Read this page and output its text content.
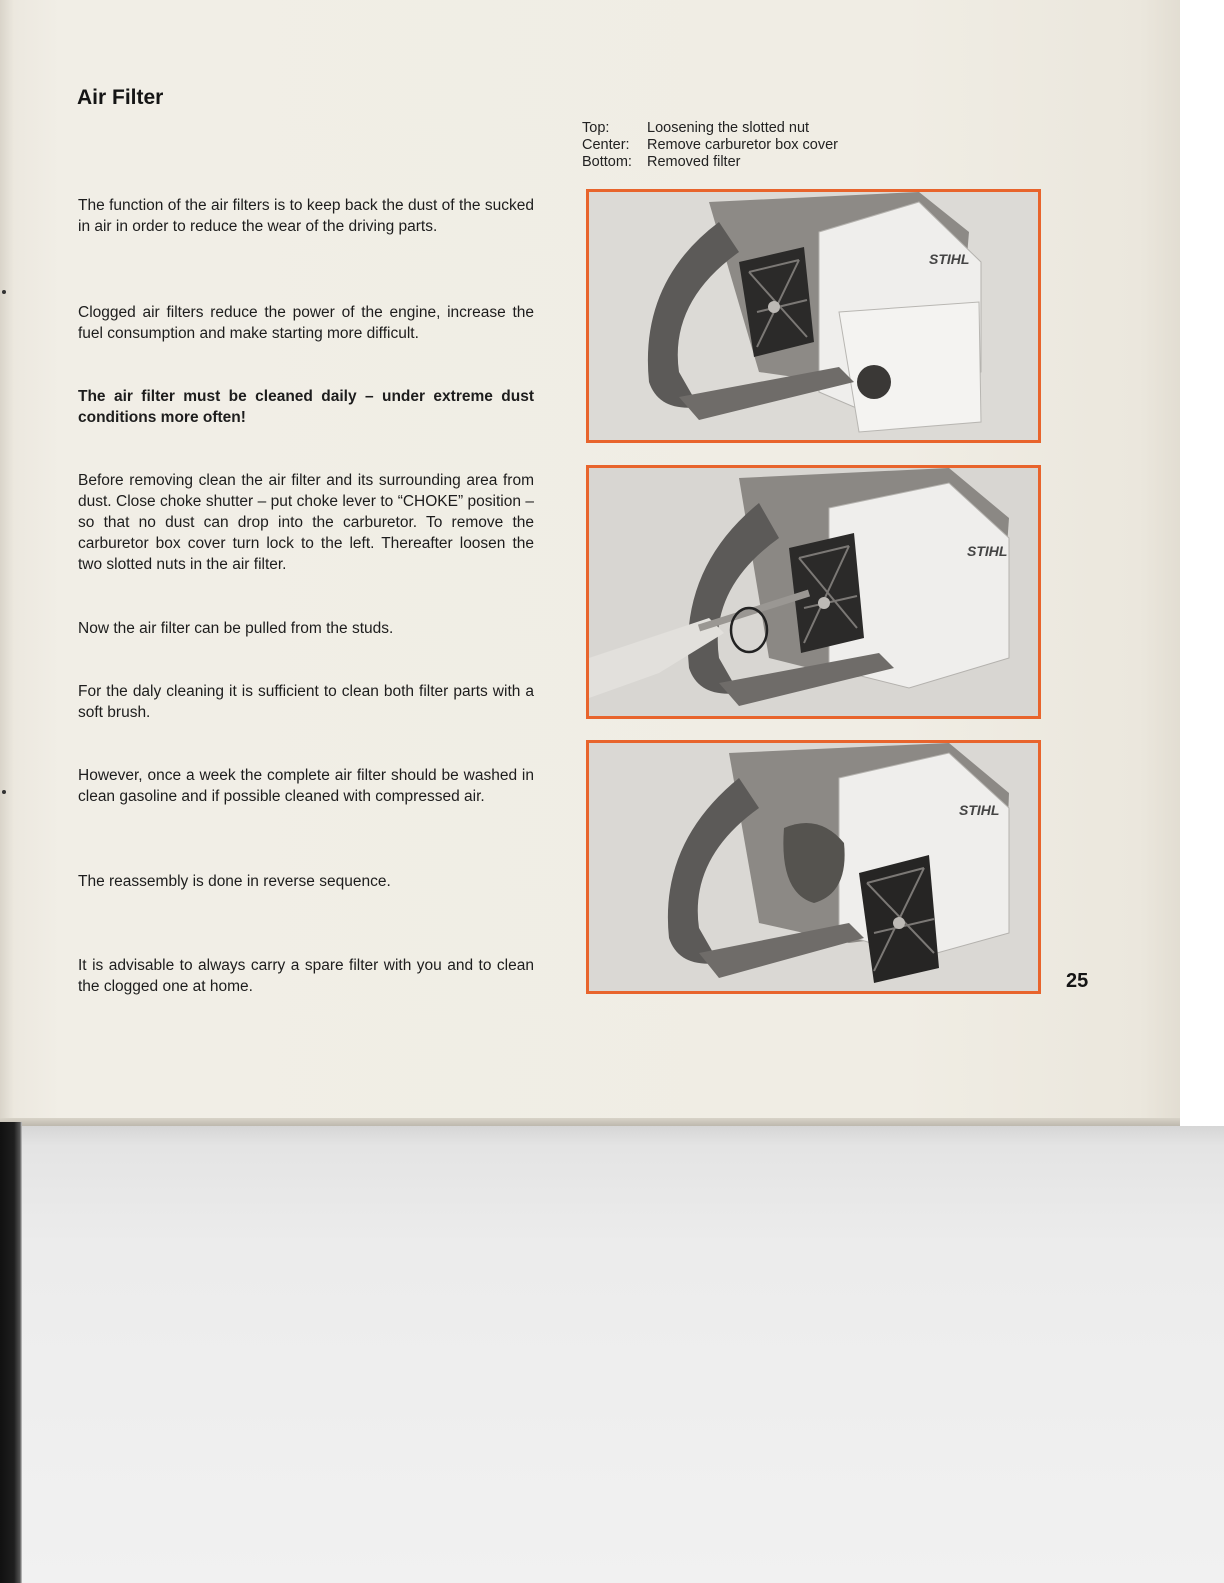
Air Filter
Top:	Loosening the slotted nut
Center:	Remove carburetor box cover
Bottom:	Removed filter

The function of the air filters is to keep back the dust of the sucked in air in order to reduce the wear of the driving parts.

Clogged air filters reduce the power of the engine, increase the fuel consumption and make starting more difficult.

The air filter must be cleaned daily – under extreme dust conditions more often!

Before removing clean the air filter and its surrounding area from dust. Close choke shutter – put choke lever to “CHOKE” position – so that no dust can drop into the carburetor. To remove the carburetor box cover turn lock to the left. Thereafter loosen the two slotted nuts in the air filter.

Now the air filter can be pulled from the studs.

For the daly cleaning it is sufficient to clean both filter parts with a soft brush.

However, once a week the complete air filter should be washed in clean gasoline and if possible cleaned with compressed air.

The reassembly is done in reverse sequence.

It is advisable to always carry a spare filter with you and to clean the clogged one at home.

STIHL
STIHL
STIHL
25
